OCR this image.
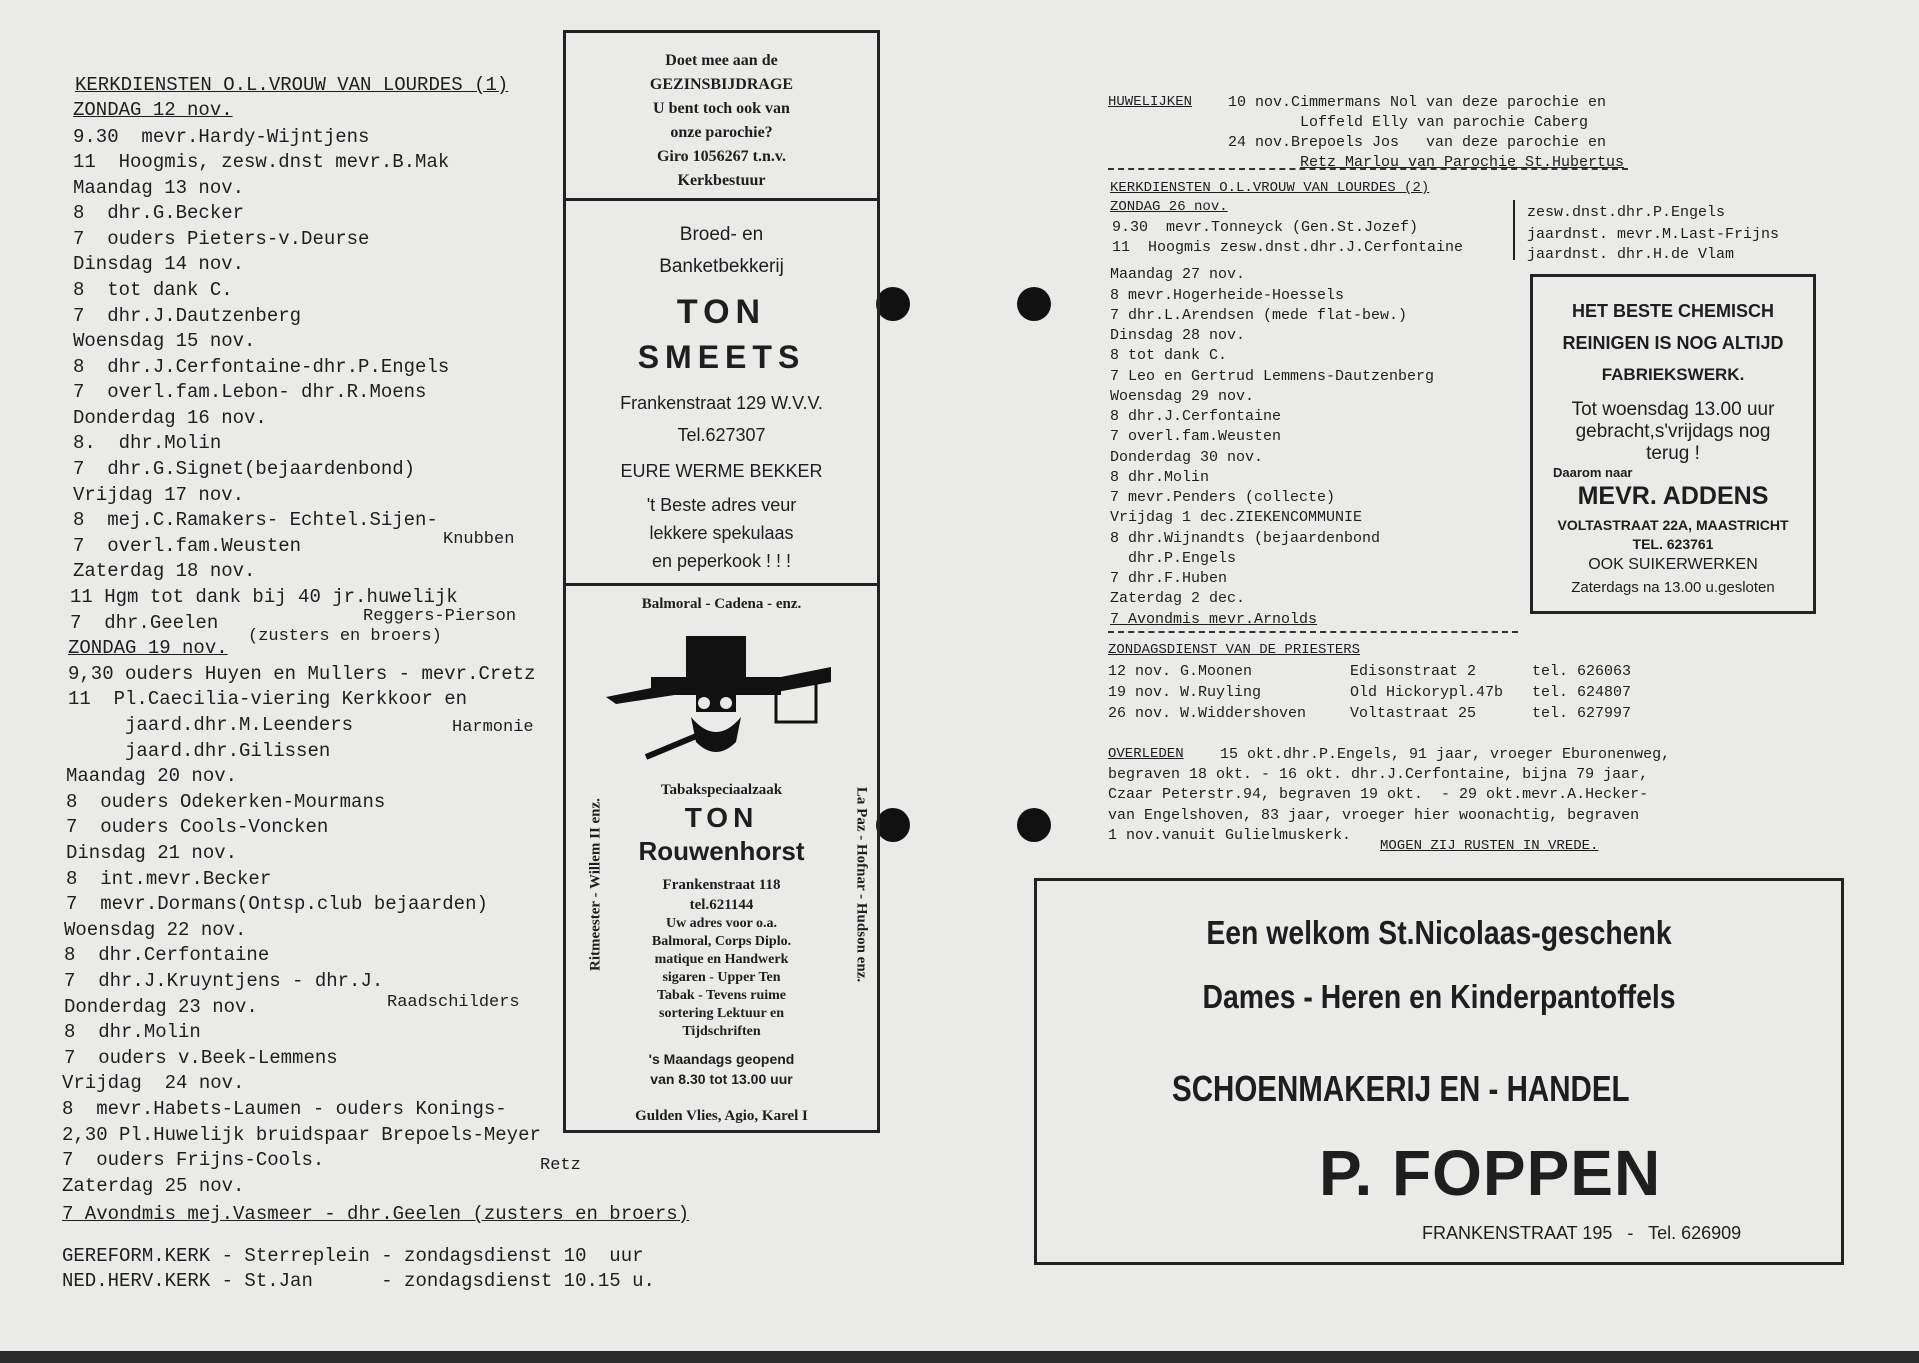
KERKDIENSTEN O.L.VROUW VAN LOURDES (1)
ZONDAG 12 nov.
9.30  mevr.Hardy-Wijntjens
11  Hoogmis, zesw.dnst mevr.B.Mak
Maandag 13 nov.
8  dhr.G.Becker
7  ouders Pieters-v.Deurse
Dinsdag 14 nov.
8  tot dank C.
7  dhr.J.Dautzenberg
Woensdag 15 nov.
8  dhr.J.Cerfontaine-dhr.P.Engels
7  overl.fam.Lebon- dhr.R.Moens
Donderdag 16 nov.
8.  dhr.Molin
7  dhr.G.Signet(bejaardenbond)
Vrijdag 17 nov.
8  mej.C.Ramakers- Echtel.Sijen-
7  overl.fam.Weusten
Zaterdag 18 nov.
11 Hgm tot dank bij 40 jr.huwelijk
7  dhr.Geelen
ZONDAG 19 nov.
9,30 ouders Huyen en Mullers - mevr.Cretz
11  Pl.Caecilia-viering Kerkkoor en
jaard.dhr.M.Leenders
jaard.dhr.Gilissen
Maandag 20 nov.
8  ouders Odekerken-Mourmans
7  ouders Cools-Voncken
Dinsdag 21 nov.
8  int.mevr.Becker
7  mevr.Dormans(Ontsp.club bejaarden)
Woensdag 22 nov.
8  dhr.Cerfontaine
7  dhr.J.Kruyntjens - dhr.J.
Donderdag 23 nov.
8  dhr.Molin
7  ouders v.Beek-Lemmens
Vrijdag  24 nov.
8  mevr.Habets-Laumen - ouders Konings-
2,30 Pl.Huwelijk bruidspaar Brepoels-Meyer
7  ouders Frijns-Cools.
Zaterdag 25 nov.
7 Avondmis mej.Vasmeer - dhr.Geelen (zusters en broers)
GEREFORM.KERK - Sterreplein - zondagsdienst 10  uur
NED.HERV.KERK - St.Jan      - zondagsdienst 10.15 u.
Knubben
Reggers-Pierson
(zusters en broers)
Harmonie
Raadschilders
Retz
Doet mee aan de
GEZINSBIJDRAGE
U bent toch ook van
onze parochie?
Giro 1056267 t.n.v.
Kerkbestuur
Broed- en
Banketbekkerij
TON
SMEETS
Frankenstraat 129 W.V.V.
Tel.627307
EURE WERME BEKKER
't Beste adres veur
lekkere spekulaas
en peperkook ! ! !
Balmoral - Cadena - enz.
Ritmeester - Willem II enz.	La Paz - Hofnar - Hudson enz.
Tabakspeciaalzaak
TON
Rouwenhorst
Frankenstraat 118
tel.621144
Uw adres voor o.a.
Balmoral, Corps Diplo.
matique en Handwerk
sigaren - Upper Ten
Tabak - Tevens ruime
sortering Lektuur en
Tijdschriften
's Maandags geopend
van 8.30 tot 13.00 uur
Gulden Vlies, Agio, Karel I
HUWELIJKEN 10 nov.Cimmermans Nol van deze parochie en
Loffeld Elly van parochie Caberg
24 nov.Brepoels Jos   van deze parochie en
Retz Marlou van Parochie St.Hubertus
KERKDIENSTEN O.L.VROUW VAN LOURDES (2)
ZONDAG 26 nov.
9.30  mevr.Tonneyck (Gen.St.Jozef)
11  Hoogmis zesw.dnst.dhr.J.Cerfontaine
Maandag 27 nov.
8 mevr.Hogerheide-Hoessels
7 dhr.L.Arendsen (mede flat-bew.)
Dinsdag 28 nov.
8 tot dank C.
7 Leo en Gertrud Lemmens-Dautzenberg
Woensdag 29 nov.
8 dhr.J.Cerfontaine
7 overl.fam.Weusten
Donderdag 30 nov.
8 dhr.Molin
7 mevr.Penders (collecte)
Vrijdag 1 dec.ZIEKENCOMMUNIE
8 dhr.Wijnandts (bejaardenbond
dhr.P.Engels
7 dhr.F.Huben
Zaterdag 2 dec.
7 Avondmis mevr.Arnolds
zesw.dnst.dhr.P.Engels
jaardnst. mevr.M.Last-Frijns
jaardnst. dhr.H.de Vlam
ZONDAGSDIENST VAN DE PRIESTERS
12 nov. G.Moonen	Edisonstraat 2	tel. 626063
19 nov. W.Ruyling	Old Hickorypl.47b tel. 624807
26 nov. W.Widdershoven	Voltastraat 25	tel. 627997
OVERLEDEN 15 okt.dhr.P.Engels, 91 jaar, vroeger Eburonenweg,
begraven 18 okt. - 16 okt. dhr.J.Cerfontaine, bijna 79 jaar,
Czaar Peterstr.94, begraven 19 okt.  - 29 okt.mevr.A.Hecker-
van Engelshoven, 83 jaar, vroeger hier woonachtig, begraven
1 nov.vanuit Gulielmuskerk.
MOGEN ZIJ RUSTEN IN VREDE.
HET BESTE CHEMISCH
REINIGEN IS NOG ALTIJD
FABRIEKSWERK.
Tot woensdag 13.00 uur
gebracht,s'vrijdags nog
terug !
Daarom naar
MEVR. ADDENS
VOLTASTRAAT 22A, MAASTRICHT
TEL. 623761
OOK SUIKERWERKEN
Zaterdags na 13.00 u.gesloten
Een welkom St.Nicolaas-geschenk
Dames - Heren en Kinderpantoffels
SCHOENMAKERIJ EN - HANDEL
P. FOPPEN
FRANKENSTRAAT 195   -   Tel. 626909
